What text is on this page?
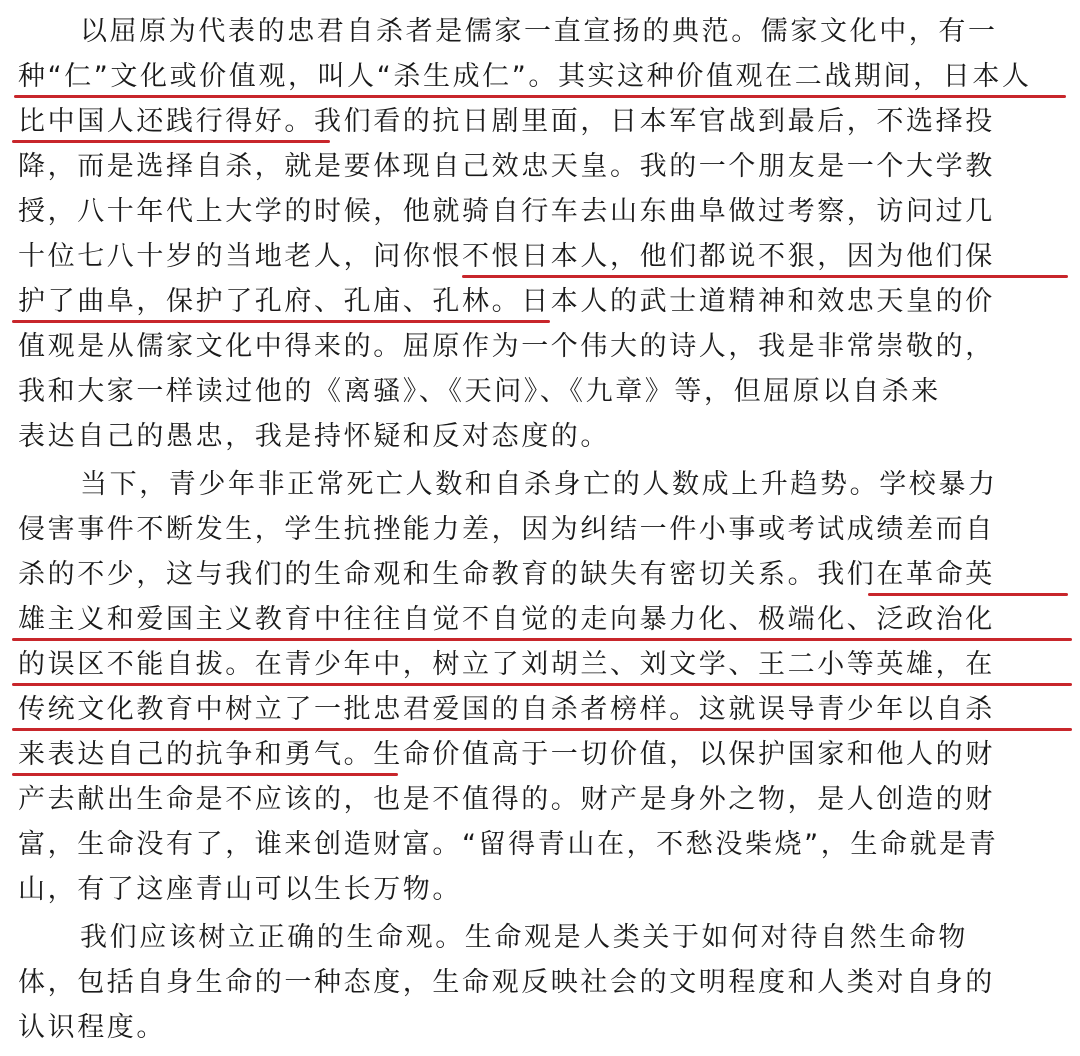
以屈原为代表的忠君自杀者是儒家一直宣扬的典范。儒家文化中，有一
种“仁”文化或价值观，叫人“杀生成仁”。其实这种价值观在二战期间，日本人
比中国人还践行得好。我们看的抗日剧里面，日本军官战到最后，不选择投
降，而是选择自杀，就是要体现自己效忠天皇。我的一个朋友是一个大学教
授，八十年代上大学的时候，他就骑自行车去山东曲阜做过考察，访问过几
十位七八十岁的当地老人，问你恨不恨日本人，他们都说不狠，因为他们保
护了曲阜，保护了孔府、孔庙、孔林。日本人的武士道精神和效忠天皇的价
值观是从儒家文化中得来的。屈原作为一个伟大的诗人，我是非常崇敬的，
我和大家一样读过他的《离骚》、《天问》、《九章》等，但屈原以自杀来
表达自己的愚忠，我是持怀疑和反对态度的。
当下，青少年非正常死亡人数和自杀身亡的人数成上升趋势。学校暴力
侵害事件不断发生，学生抗挫能力差，因为纠结一件小事或考试成绩差而自
杀的不少，这与我们的生命观和生命教育的缺失有密切关系。我们在革命英
雄主义和爱国主义教育中往往自觉不自觉的走向暴力化、极端化、泛政治化
的误区不能自拔。在青少年中，树立了刘胡兰、刘文学、王二小等英雄，在
传统文化教育中树立了一批忠君爱国的自杀者榜样。这就误导青少年以自杀
来表达自己的抗争和勇气。生命价值高于一切价值，以保护国家和他人的财
产去献出生命是不应该的，也是不值得的。财产是身外之物，是人创造的财
富，生命没有了，谁来创造财富。“留得青山在，不愁没柴烧”，生命就是青
山，有了这座青山可以生长万物。
我们应该树立正确的生命观。生命观是人类关于如何对待自然生命物
体，包括自身生命的一种态度，生命观反映社会的文明程度和人类对自身的
认识程度。
